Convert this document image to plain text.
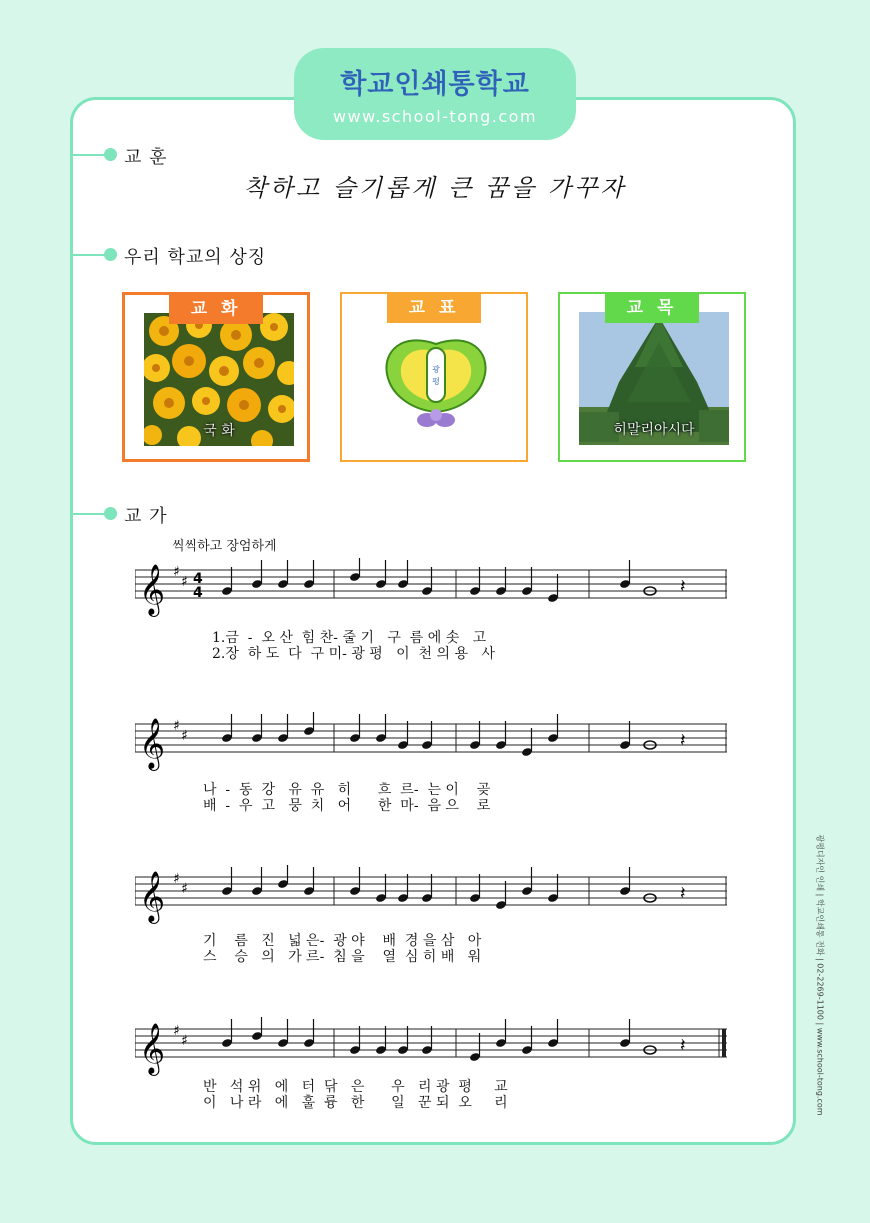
학교인쇄통학교
www.school-tong.com
교 훈
착하고 슬기롭게 큰 꿈을 가꾸자
우리 학교의 상징
국 화
교 화
광
평
교 표
히말리아시다
교 목
교 가
씩씩하고 장엄하게
𝄞 ♯
♯ 4
4	𝄽
1.금  -  오 산  힘 찬- 줄 기   구  름 에 솟   고
2.장  하 도  다  구 미- 광 평   이  천 의 용   사
𝄞 ♯
♯	𝄽
나  -  동  강   유  유   히      흐  르-  는 이    곶
배  -  우  고   뭉  치   어      한  마-  음 으    로
𝄞 ♯
♯	𝄽
기    름   진   넓 은-  광 야    배  경 을 삼   아
스    승   의   가 르-  침 을    열  심 히 배   워
𝄞 ♯
♯	𝄽
반   석 위   에   터  닦   은      우   리 광  평     교
이   나 라   에   훌  륭   한      일   꾼 되  오     리	광평디자인 인쇄 | 학교인쇄통 전화 | 02-2269-1100 | www.school-tong.com
